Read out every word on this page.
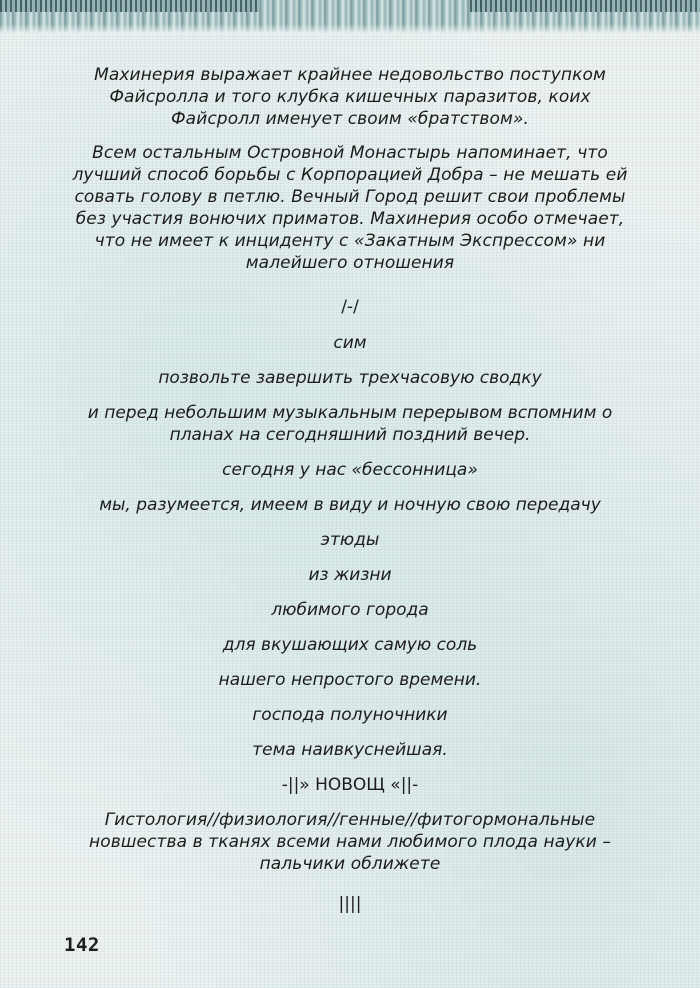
Махинерия выражает крайнее недовольство поступком Файсролла и того клубка кишечных паразитов, коих Файсролл именует своим «братством».

Всем остальным Островной Монастырь напоминает, что лучший способ борьбы с Корпорацией Добра – не мешать ей совать голову в петлю. Вечный Город решит свои проблемы без участия вонючих приматов. Махинерия особо отмечает, что не имеет к инциденту с «Закатным Экспрессом» ни малейшего отношения

/-/

сим

позвольте завершить трехчасовую сводку

и перед небольшим музыкальным перерывом вспомним о планах на сегодняшний поздний вечер.

сегодня у нас «бессонница»

мы, разумеется, имеем в виду и ночную свою передачу

этюды

из жизни

любимого города

для вкушающих самую соль

нашего непростого времени.

господа полуночники

тема наивкуснейшая.

-||» НОВОЩ «||-

Гистология//физиология//генные//фитогормональные новшества в тканях всеми нами любимого плода науки – пальчики оближете

||||

142
